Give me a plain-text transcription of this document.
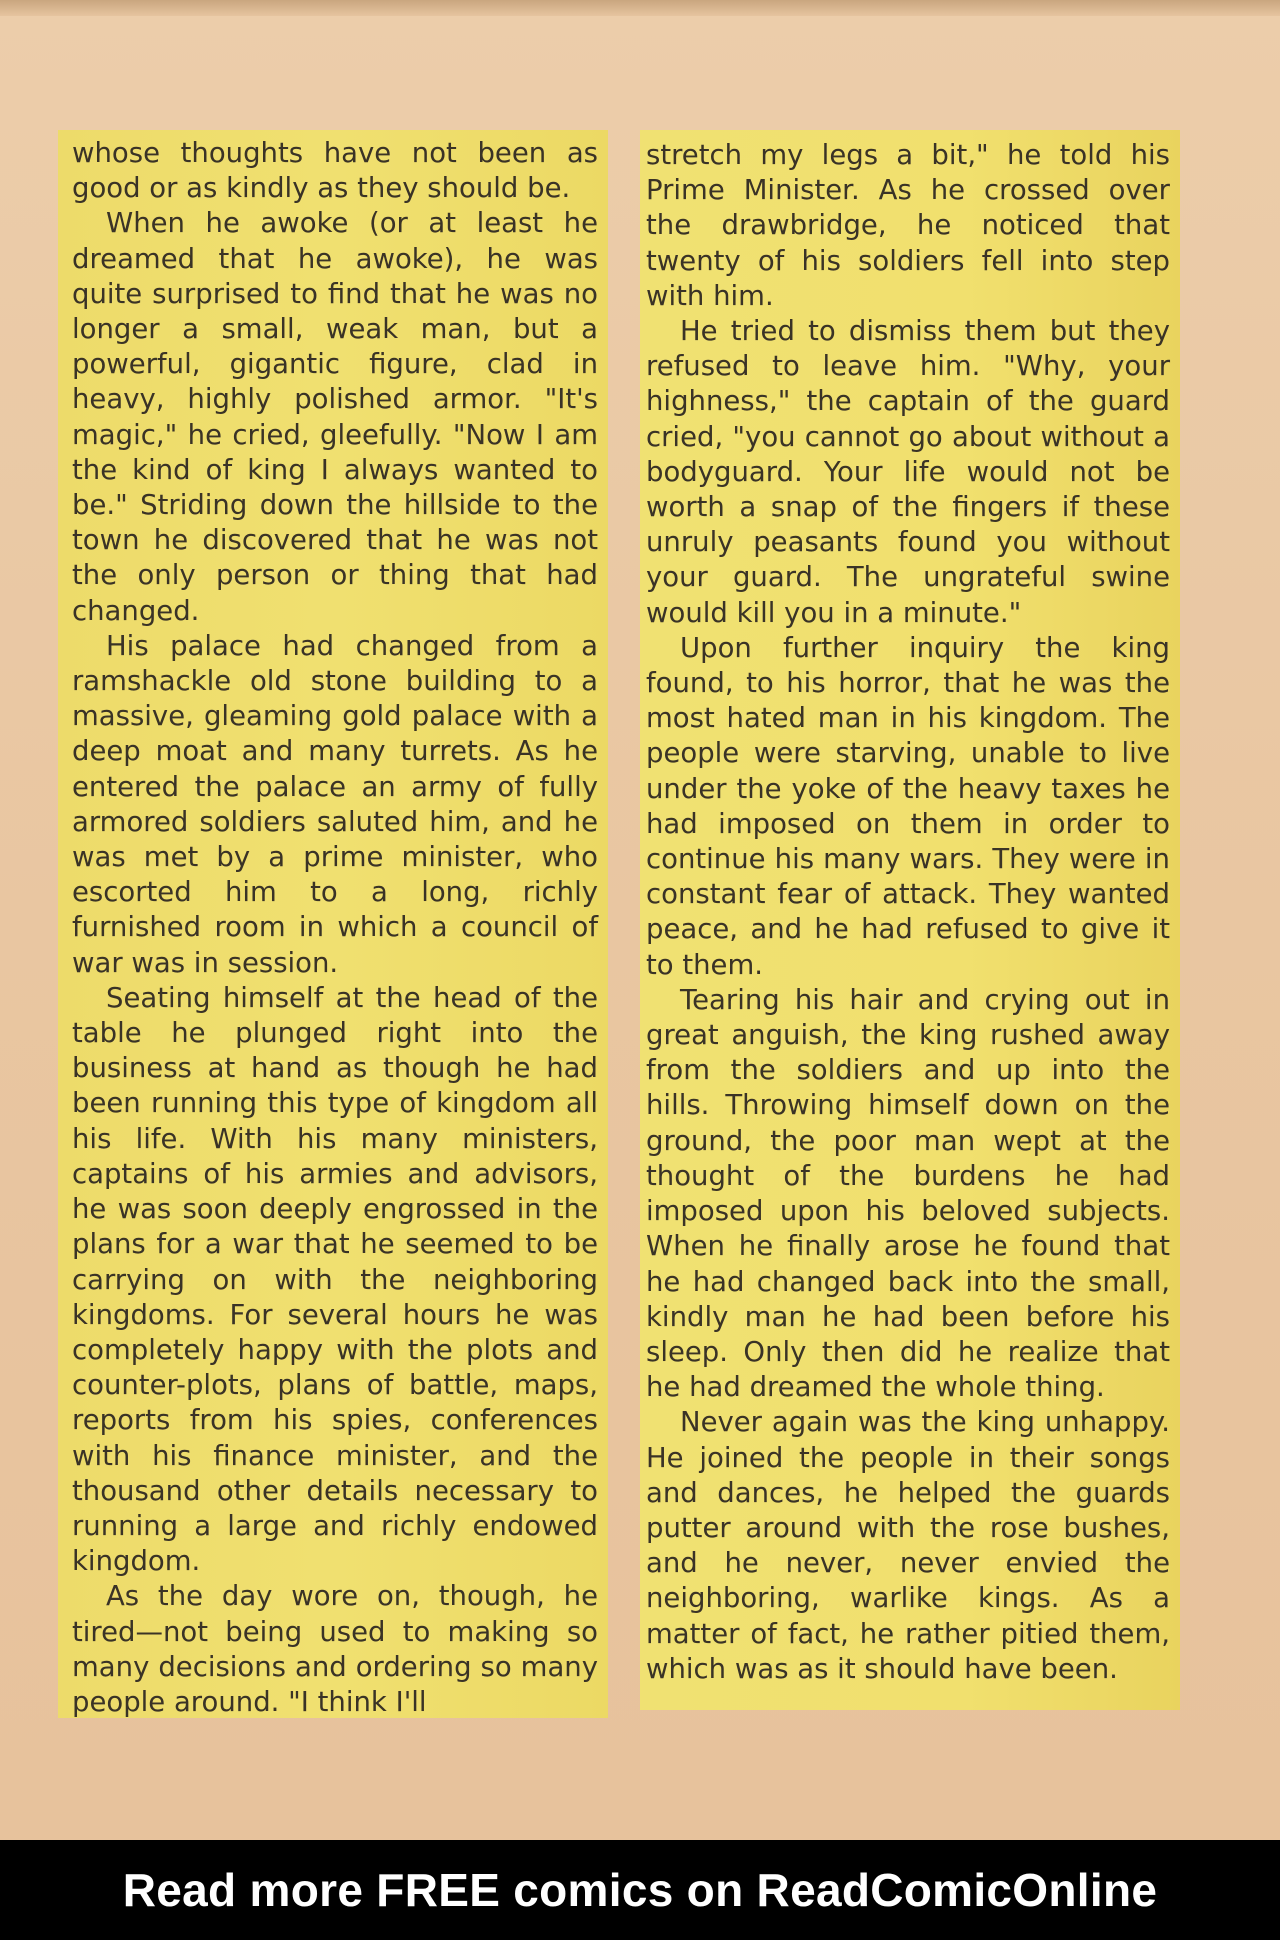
whose thoughts have not been as good or as kindly as they should be.

When he awoke (or at least he dreamed that he awoke), he was quite surprised to find that he was no longer a small, weak man, but a powerful, gigantic figure, clad in heavy, highly polished armor. "It's magic," he cried, gleefully. "Now I am the kind of king I always wanted to be." Striding down the hillside to the town he discovered that he was not the only person or thing that had changed.

His palace had changed from a ramshackle old stone building to a massive, gleaming gold palace with a deep moat and many turrets. As he entered the palace an army of fully armored soldiers saluted him, and he was met by a prime minister, who escorted him to a long, richly furnished room in which a council of war was in session.

Seating himself at the head of the table he plunged right into the business at hand as though he had been running this type of kingdom all his life. With his many ministers, captains of his armies and advisors, he was soon deeply engrossed in the plans for a war that he seemed to be carrying on with the neighboring kingdoms. For several hours he was completely happy with the plots and counter-plots, plans of battle, maps, reports from his spies, conferences with his finance minister, and the thousand other details necessary to running a large and richly endowed kingdom.

As the day wore on, though, he tired—not being used to making so many decisions and ordering so many people around. "I think I'll

stretch my legs a bit," he told his Prime Minister. As he crossed over the drawbridge, he noticed that twenty of his soldiers fell into step with him.

He tried to dismiss them but they refused to leave him. "Why, your highness," the captain of the guard cried, "you cannot go about without a bodyguard. Your life would not be worth a snap of the fingers if these unruly peasants found you without your guard. The ungrateful swine would kill you in a minute."

Upon further inquiry the king found, to his horror, that he was the most hated man in his kingdom. The people were starving, unable to live under the yoke of the heavy taxes he had imposed on them in order to continue his many wars. They were in constant fear of attack. They wanted peace, and he had refused to give it to them.

Tearing his hair and crying out in great anguish, the king rushed away from the soldiers and up into the hills. Throwing himself down on the ground, the poor man wept at the thought of the burdens he had imposed upon his beloved subjects. When he finally arose he found that he had changed back into the small, kindly man he had been before his sleep. Only then did he realize that he had dreamed the whole thing.

Never again was the king unhappy. He joined the people in their songs and dances, he helped the guards putter around with the rose bushes, and he never, never envied the neighboring, warlike kings. As a matter of fact, he rather pitied them, which was as it should have been.

Read more FREE comics on ReadComicOnline
